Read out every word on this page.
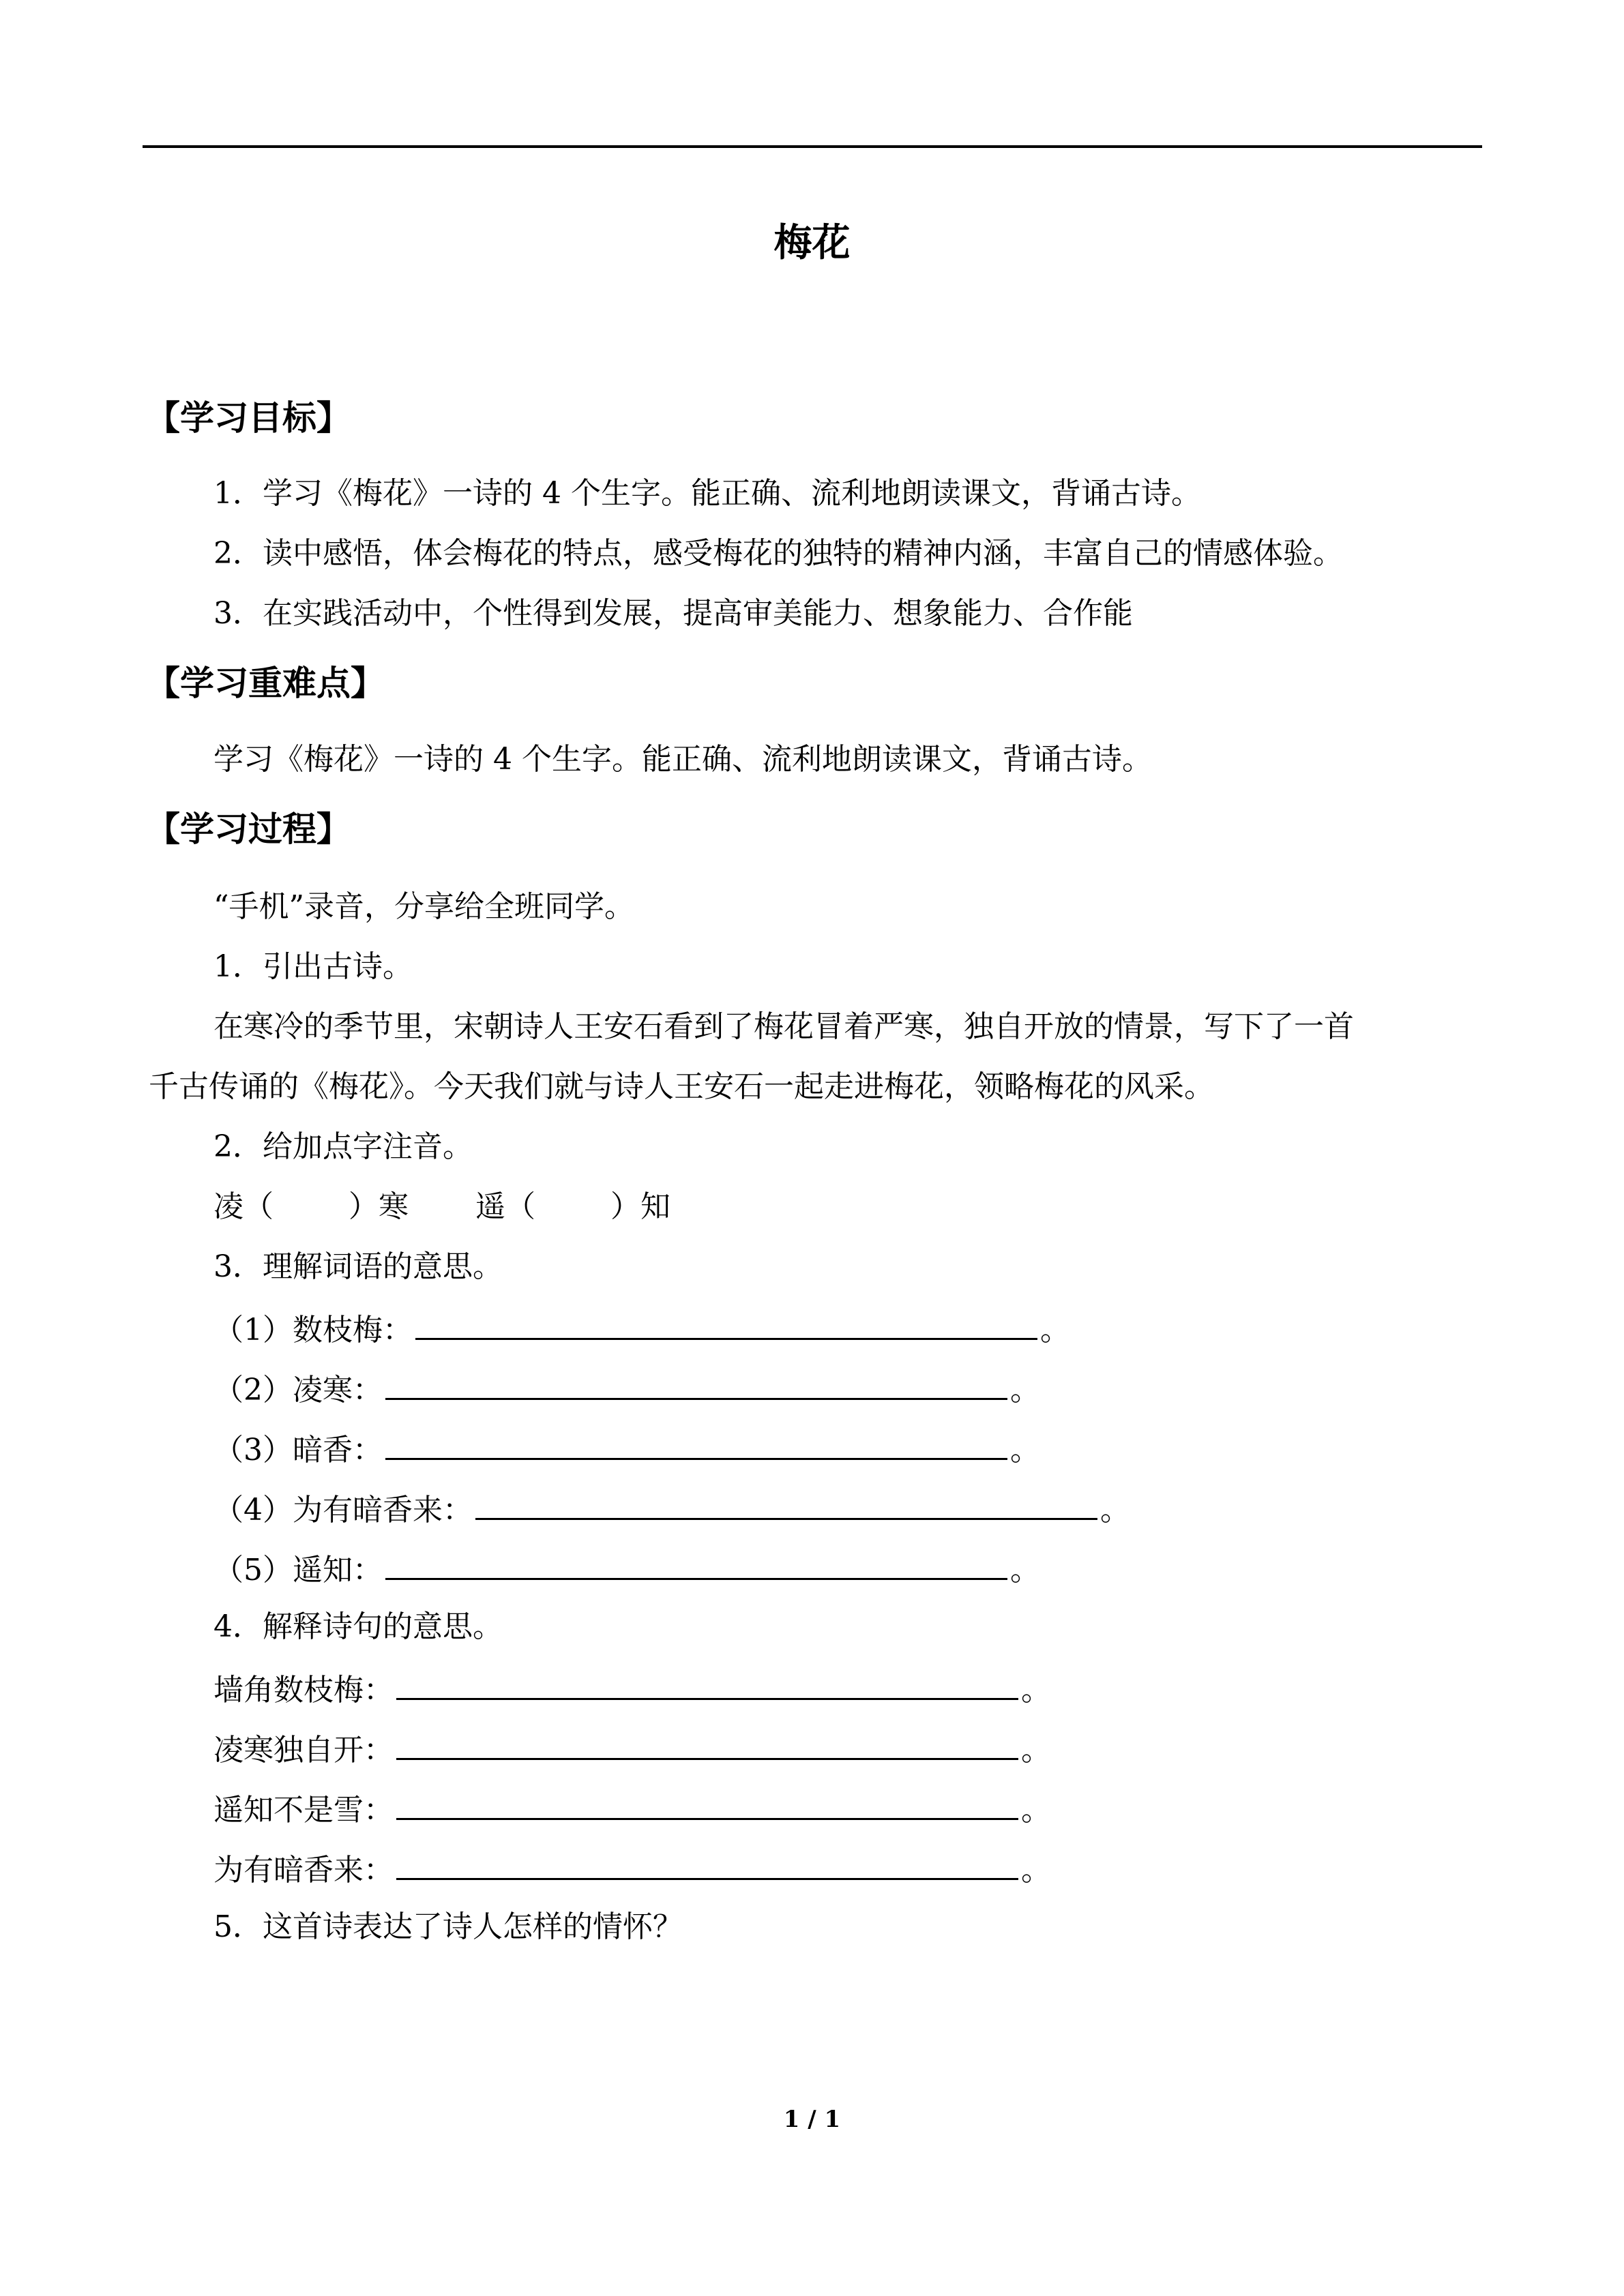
梅花
【学习目标】
1．学习《梅花》一诗的 4 个生字。能正确、流利地朗读课文，背诵古诗。
2．读中感悟，体会梅花的特点，感受梅花的独特的精神内涵，丰富自己的情感体验。
3．在实践活动中，个性得到发展，提高审美能力、想象能力、合作能
【学习重难点】
学习《梅花》一诗的 4 个生字。能正确、流利地朗读课文，背诵古诗。
【学习过程】
“手机”录音，分享给全班同学。
1．引出古诗。
在寒冷的季节里，宋朝诗人王安石看到了梅花冒着严寒，独自开放的情景，写下了一首
千古传诵的《梅花》。今天我们就与诗人王安石一起走进梅花，领略梅花的风采。
2．给加点字注音。
凌（	）寒 遥（	）知
3．理解词语的意思。
（1）数枝梅：	。
（2）凌寒：	。
（3）暗香：	。
（4）为有暗香来：	。
（5）遥知：	。
4．解释诗句的意思。
墙角数枝梅：	。
凌寒独自开：	。
遥知不是雪：	。
为有暗香来：	。
5．这首诗表达了诗人怎样的情怀？
1 / 1
